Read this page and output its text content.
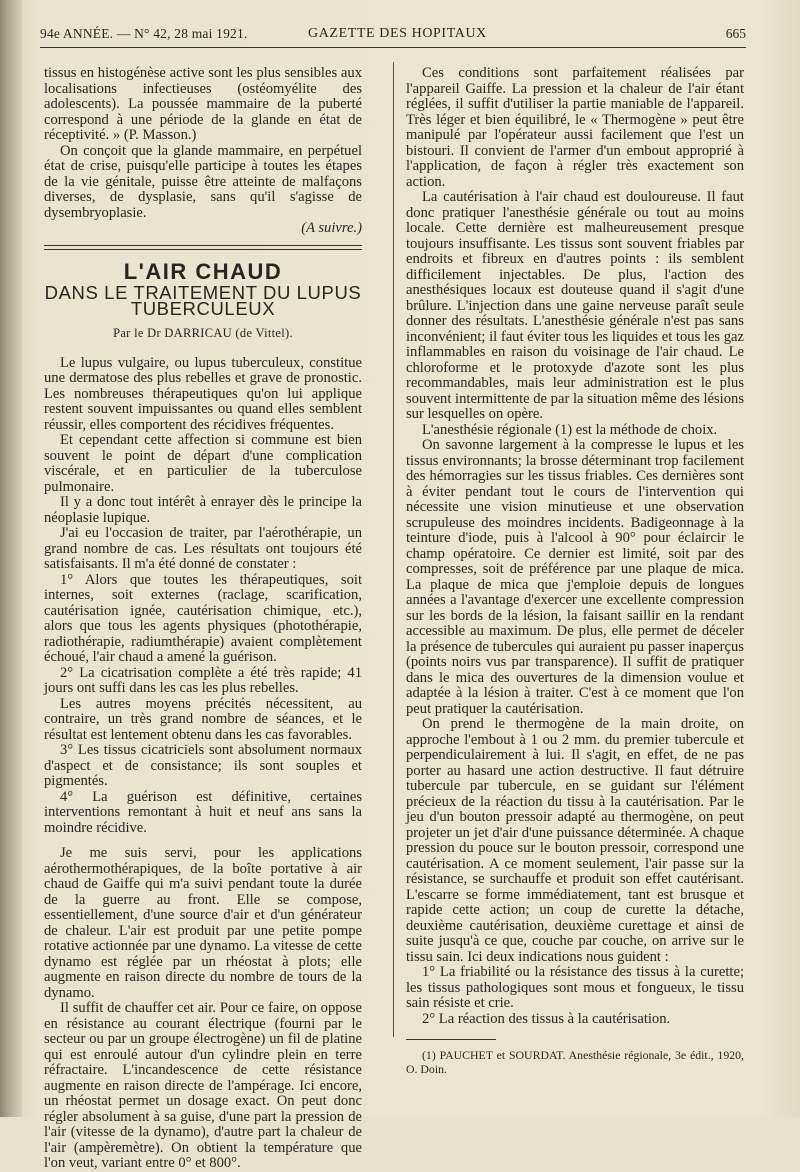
94e ANNÉE. — N° 42, 28 mai 1921.	GAZETTE DES HOPITAUX	665

tissus en histogénèse active sont les plus sensibles aux localisations infectieuses (ostéomyélite des adolescents). La poussée mammaire de la puberté correspond à une période de la glande en état de réceptivité. » (P. Masson.)

On conçoit que la glande mammaire, en perpétuel état de crise, puisqu'elle participe à toutes les étapes de la vie génitale, puisse être atteinte de malfaçons diverses, de dysplasie, sans qu'il s'agisse de dysembryoplasie.

(A suivre.)
L'AIR CHAUD
DANS LE TRAITEMENT DU LUPUS TUBERCULEUX
Par le Dr DARRICAU (de Vittel).

Le lupus vulgaire, ou lupus tuberculeux, constitue une dermatose des plus rebelles et grave de pronostic. Les nombreuses thérapeutiques qu'on lui applique restent souvent impuissantes ou quand elles semblent réussir, elles comportent des récidives fréquentes.

Et cependant cette affection si commune est bien souvent le point de départ d'une complication viscérale, et en particulier de la tuberculose pulmonaire.

Il y a donc tout intérêt à enrayer dès le principe la néoplasie lupique.

J'ai eu l'occasion de traiter, par l'aérothérapie, un grand nombre de cas. Les résultats ont toujours été satisfaisants. Il m'a été donné de constater :

1° Alors que toutes les thérapeutiques, soit internes, soit externes (raclage, scarification, cautérisation ignée, cautérisation chimique, etc.), alors que tous les agents physiques (photothérapie, radiothérapie, radiumthérapie) avaient complètement échoué, l'air chaud a amené la guérison.

2° La cicatrisation complète a été très rapide; 41 jours ont suffi dans les cas les plus rebelles.

Les autres moyens précités nécessitent, au contraire, un très grand nombre de séances, et le résultat est lentement obtenu dans les cas favorables.

3° Les tissus cicatriciels sont absolument normaux d'aspect et de consistance; ils sont souples et pigmentés.

4° La guérison est définitive, certaines interventions remontant à huit et neuf ans sans la moindre récidive.

Je me suis servi, pour les applications aérothermothérapiques, de la boîte portative à air chaud de Gaiffe qui m'a suivi pendant toute la durée de la guerre au front. Elle se compose, essentiellement, d'une source d'air et d'un générateur de chaleur. L'air est produit par une petite pompe rotative actionnée par une dynamo. La vitesse de cette dynamo est réglée par un rhéostat à plots; elle augmente en raison directe du nombre de tours de la dynamo.

Il suffit de chauffer cet air. Pour ce faire, on oppose en résistance au courant électrique (fourni par le secteur ou par un groupe électrogène) un fil de platine qui est enroulé autour d'un cylindre plein en terre réfractaire. L'incandescence de cette résistance augmente en raison directe de l'ampérage. Ici encore, un rhéostat permet un dosage exact. On peut donc régler absolument à sa guise, d'une part la pression de l'air (vitesse de la dynamo), d'autre part la chaleur de l'air (ampèremètre). On obtient la température que l'on veut, variant entre 0° et 800°.

Ces conditions sont parfaitement réalisées par l'appareil Gaiffe. La pression et la chaleur de l'air étant réglées, il suffit d'utiliser la partie maniable de l'appareil. Très léger et bien équilibré, le « Thermogène » peut être manipulé par l'opérateur aussi facilement que l'est un bistouri. Il convient de l'armer d'un embout approprié à l'application, de façon à régler très exactement son action.

La cautérisation à l'air chaud est douloureuse. Il faut donc pratiquer l'anesthésie générale ou tout au moins locale. Cette dernière est malheureusement presque toujours insuffisante. Les tissus sont souvent friables par endroits et fibreux en d'autres points : ils semblent difficilement injectables. De plus, l'action des anesthésiques locaux est douteuse quand il s'agit d'une brûlure. L'injection dans une gaine nerveuse paraît seule donner des résultats. L'anesthésie générale n'est pas sans inconvénient; il faut éviter tous les liquides et tous les gaz inflammables en raison du voisinage de l'air chaud. Le chloroforme et le protoxyde d'azote sont les plus recommandables, mais leur administration est le plus souvent intermittente de par la situation même des lésions sur lesquelles on opère.

L'anesthésie régionale (1) est la méthode de choix.

On savonne largement à la compresse le lupus et les tissus environnants; la brosse déterminant trop facilement des hémorragies sur les tissus friables. Ces dernières sont à éviter pendant tout le cours de l'intervention qui nécessite une vision minutieuse et une observation scrupuleuse des moindres incidents. Badigeonnage à la teinture d'iode, puis à l'alcool à 90° pour éclaircir le champ opératoire. Ce dernier est limité, soit par des compresses, soit de préférence par une plaque de mica. La plaque de mica que j'emploie depuis de longues années a l'avantage d'exercer une excellente compression sur les bords de la lésion, la faisant saillir en la rendant accessible au maximum. De plus, elle permet de déceler la présence de tubercules qui auraient pu passer inaperçus (points noirs vus par transparence). Il suffit de pratiquer dans le mica des ouvertures de la dimension voulue et adaptée à la lésion à traiter. C'est à ce moment que l'on peut pratiquer la cautérisation.

On prend le thermogène de la main droite, on approche l'embout à 1 ou 2 mm. du premier tubercule et perpendiculairement à lui. Il s'agit, en effet, de ne pas porter au hasard une action destructive. Il faut détruire tubercule par tubercule, en se guidant sur l'élément précieux de la réaction du tissu à la cautérisation. Par le jeu d'un bouton pressoir adapté au thermogène, on peut projeter un jet d'air d'une puissance déterminée. A chaque pression du pouce sur le bouton pressoir, correspond une cautérisation. A ce moment seulement, l'air passe sur la résistance, se surchauffe et produit son effet cautérisant. L'escarre se forme immédiatement, tant est brusque et rapide cette action; un coup de curette la détache, deuxième cautérisation, deuxième curettage et ainsi de suite jusqu'à ce que, couche par couche, on arrive sur le tissu sain. Ici deux indications nous guident :

1° La friabilité ou la résistance des tissus à la curette; les tissus pathologiques sont mous et fongueux, le tissu sain résiste et crie.

2° La réaction des tissus à la cautérisation.

(1) PAUCHET et SOURDAT. Anesthésie régionale, 3e édit., 1920, O. Doin.
